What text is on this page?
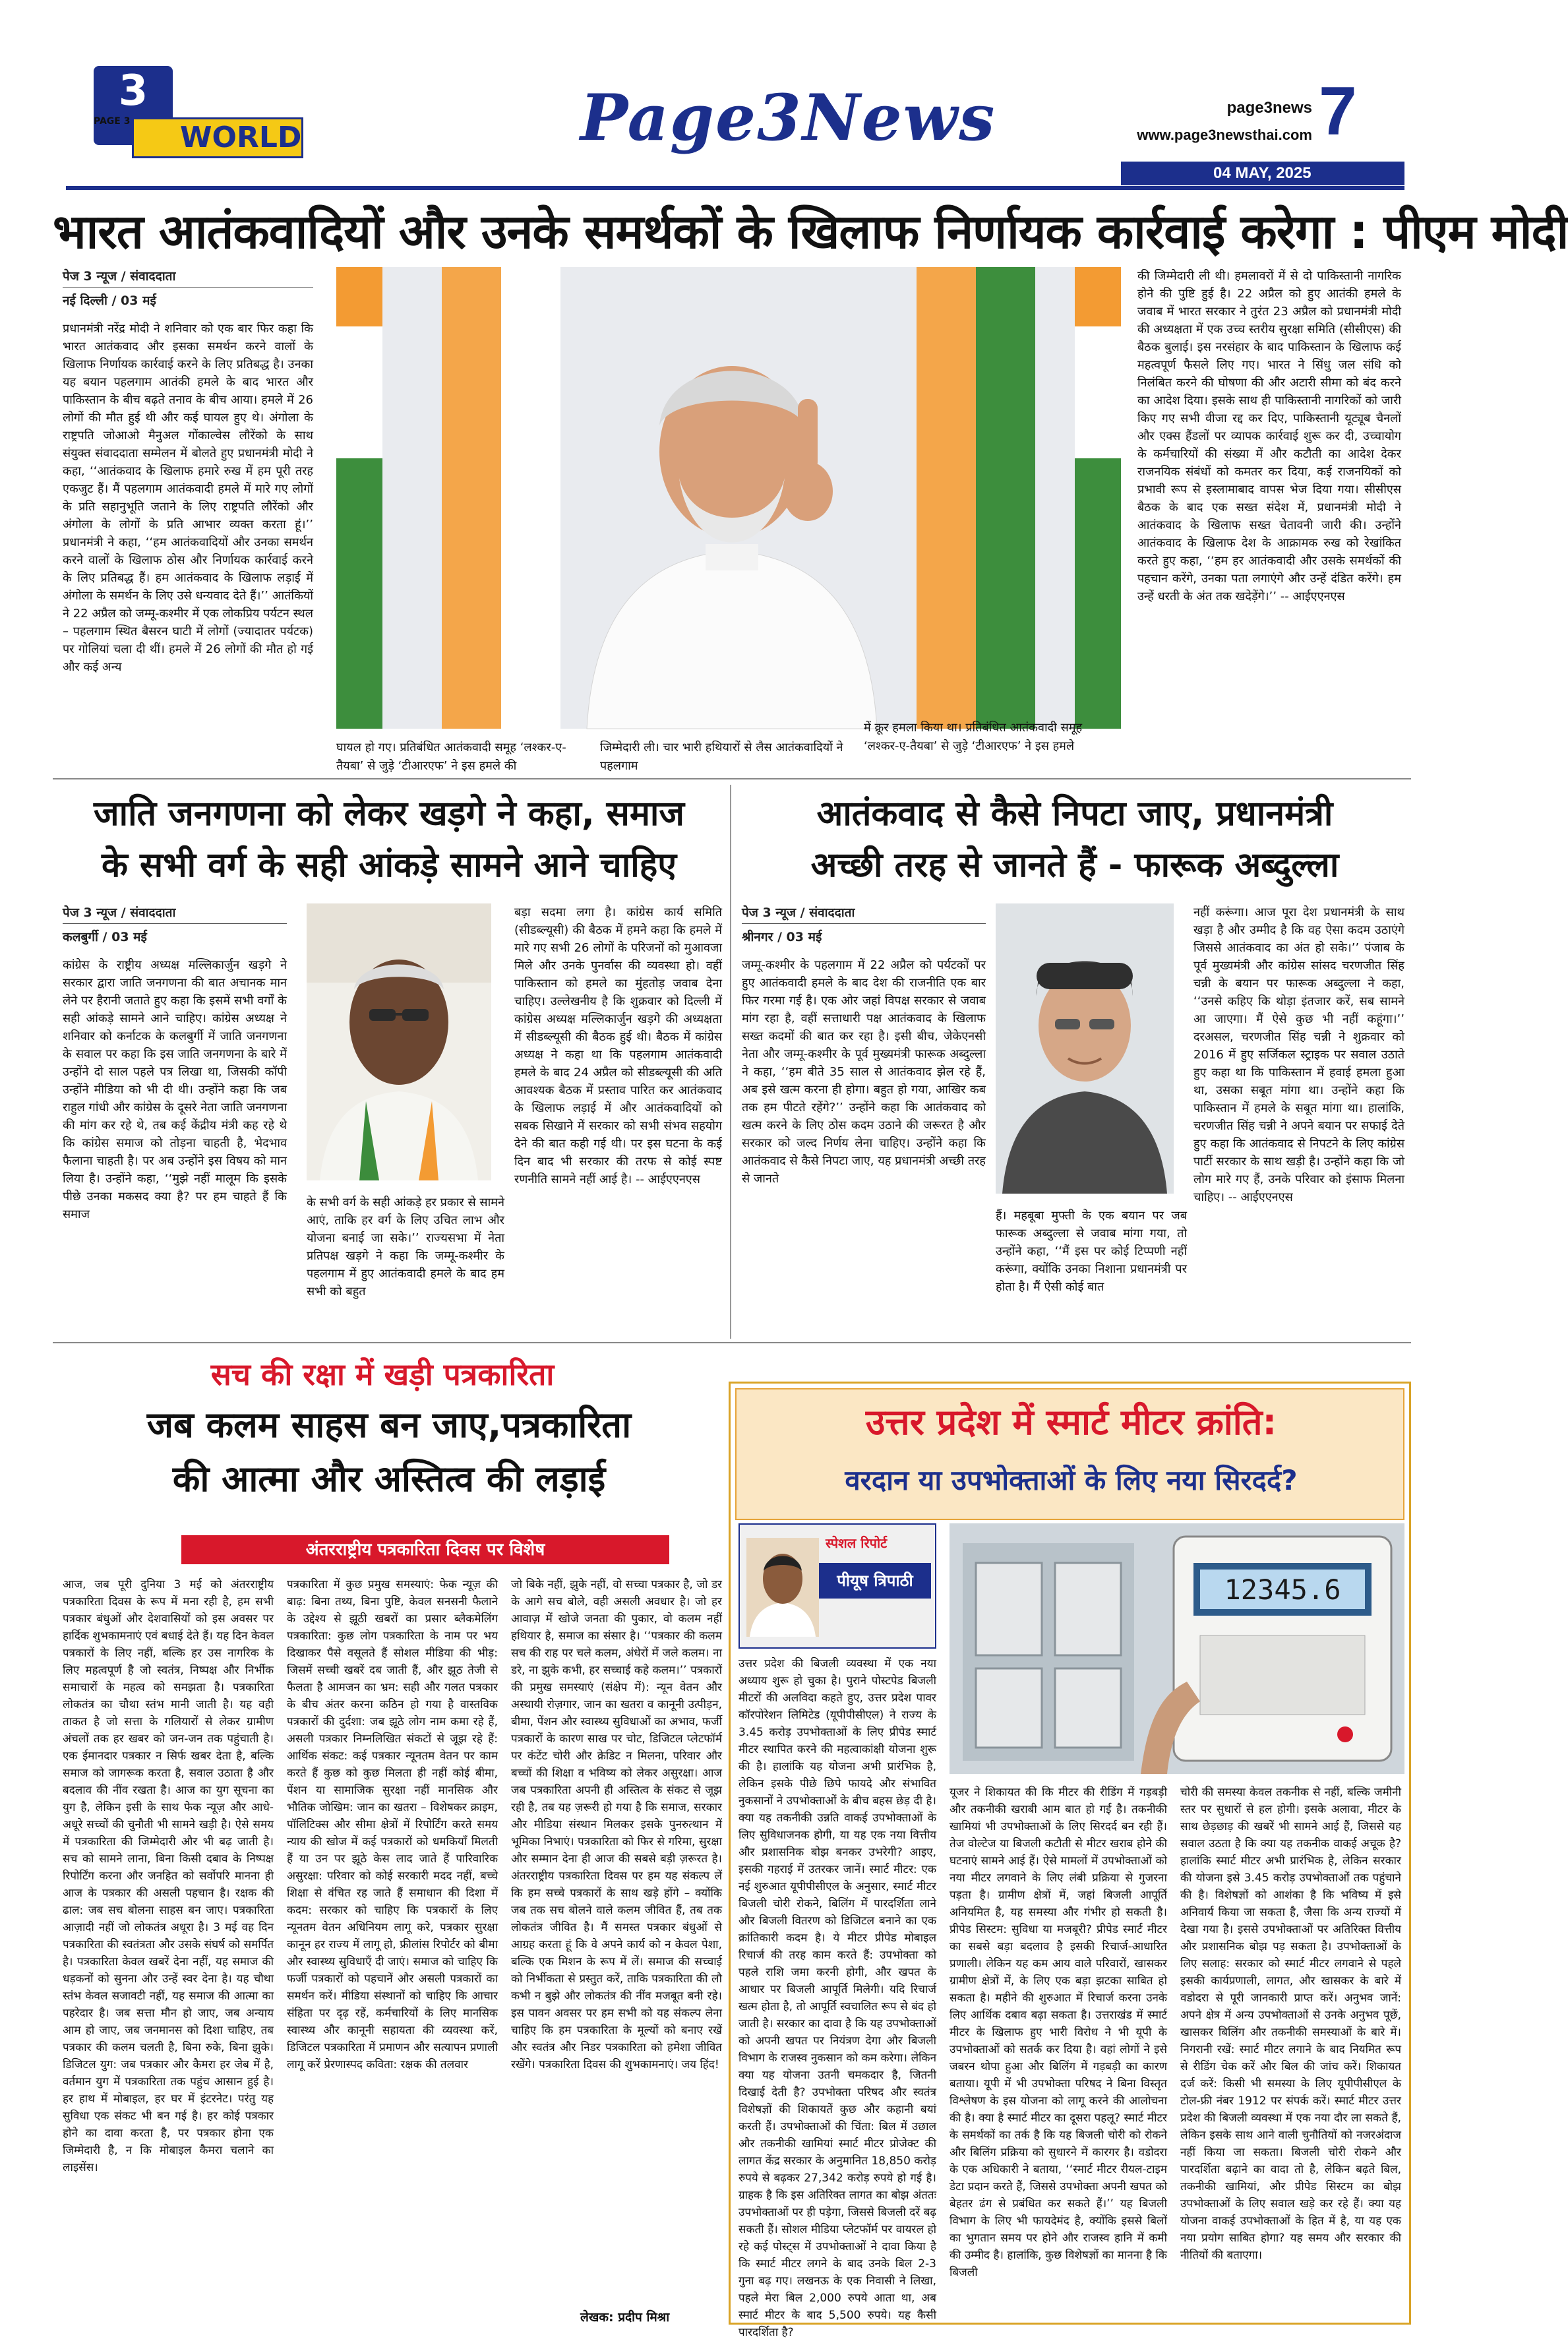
3
PAGE 3	WORLD	Page3News	page3news
www.page3newsthai.com 7
04 MAY, 2025
भारत आतंकवादियों और उनके समर्थकों के खिलाफ निर्णायक कार्रवाई करेगा : पीएम मोदी
पेज 3 न्यूज / संवाददाता
नई दिल्ली / 03 मई
प्रधानमंत्री नरेंद्र मोदी ने शनिवार को एक बार फिर कहा कि भारत आतंकवाद और इसका समर्थन करने वालों के खिलाफ निर्णायक कार्रवाई करने के लिए प्रतिबद्ध है। उनका यह बयान पहलगाम आतंकी हमले के बाद भारत और पाकिस्तान के बीच बढ़ते तनाव के बीच आया। हमले में 26 लोगों की मौत हुई थी और कई घायल हुए थे। अंगोला के राष्ट्रपति जोआओ मैनुअल गोंकाल्वेस लौरेंको के साथ संयुक्त संवाददाता सम्मेलन में बोलते हुए प्रधानमंत्री मोदी ने कहा, ‘‘आतंकवाद के खिलाफ हमारे रुख में हम पूरी तरह एकजुट हैं। मैं पहलगाम आतंकवादी हमले में मारे गए लोगों के प्रति सहानुभूति जताने के लिए राष्ट्रपति लौरेंको और अंगोला के लोगों के प्रति आभार व्यक्त करता हूं।’’ प्रधानमंत्री ने कहा, ‘‘हम आतंकवादियों और उनका समर्थन करने वालों के खिलाफ ठोस और निर्णायक कार्रवाई करने के लिए प्रतिबद्ध हैं। हम आतंकवाद के खिलाफ लड़ाई में अंगोला के समर्थन के लिए उसे धन्यवाद देते हैं।’’ आतंकियों ने 22 अप्रैल को जम्मू-कश्मीर में एक लोकप्रिय पर्यटन स्थल – पहलगाम स्थित बैसरन घाटी में लोगों (ज्यादातर पर्यटक) पर गोलियां चला दी थीं। हमले में 26 लोगों की मौत हो गई और कई अन्य
घायल हो गए। प्रतिबंधित आतंकवादी समूह ‘लश्कर-ए-तैयबा’ से जुड़े ‘टीआरएफ’ ने इस हमले की
जिम्मेदारी ली। चार भारी हथियारों से लैस आतंकवादियों ने पहलगाम
में क्रूर हमला किया था। प्रतिबंधित आतंकवादी समूह ‘लश्कर-ए-तैयबा’ से जुड़े ‘टीआरएफ’ ने इस हमले
की जिम्मेदारी ली थी। हमलावरों में से दो पाकिस्तानी नागरिक होने की पुष्टि हुई है। 22 अप्रैल को हुए आतंकी हमले के जवाब में भारत सरकार ने तुरंत 23 अप्रैल को प्रधानमंत्री मोदी की अध्यक्षता में एक उच्च स्तरीय सुरक्षा समिति (सीसीएस) की बैठक बुलाई। इस नरसंहार के बाद पाकिस्तान के खिलाफ कई महत्वपूर्ण फैसले लिए गए। भारत ने सिंधु जल संधि को निलंबित करने की घोषणा की और अटारी सीमा को बंद करने का आदेश दिया। इसके साथ ही पाकिस्तानी नागरिकों को जारी किए गए सभी वीजा रद्द कर दिए, पाकिस्तानी यूट्यूब चैनलों और एक्स हैंडलों पर व्यापक कार्रवाई शुरू कर दी, उच्चायोग के कर्मचारियों की संख्या में और कटौती का आदेश देकर राजनयिक संबंधों को कमतर कर दिया, कई राजनयिकों को प्रभावी रूप से इस्लामाबाद वापस भेज दिया गया। सीसीएस बैठक के बाद एक सख्त संदेश में, प्रधानमंत्री मोदी ने आतंकवाद के खिलाफ सख्त चेतावनी जारी की। उन्होंने आतंकवाद के खिलाफ देश के आक्रामक रुख को रेखांकित करते हुए कहा, ‘‘हम हर आतंकवादी और उसके समर्थकों की पहचान करेंगे, उनका पता लगाएंगे और उन्हें दंडित करेंगे। हम उन्हें धरती के अंत तक खदेड़ेंगे।’’ -- आईएएनएस
जाति जनगणना को लेकर खड़गे ने कहा, समाज
के सभी वर्ग के सही आंकड़े सामने आने चाहिए
पेज 3 न्यूज / संवाददाता
कलबुर्गी / 03 मई
कांग्रेस के राष्ट्रीय अध्यक्ष मल्लिकार्जुन खड़गे ने सरकार द्वारा जाति जनगणना की बात अचानक मान लेने पर हैरानी जताते हुए कहा कि इसमें सभी वर्गों के सही आंकड़े सामने आने चाहिए। कांग्रेस अध्यक्ष ने शनिवार को कर्नाटक के कलबुर्गी में जाति जनगणना के सवाल पर कहा कि इस जाति जनगणना के बारे में उन्होंने दो साल पहले पत्र लिखा था, जिसकी कॉपी उन्होंने मीडिया को भी दी थी। उन्होंने कहा कि जब राहुल गांधी और कांग्रेस के दूसरे नेता जाति जनगणना की मांग कर रहे थे, तब कई केंद्रीय मंत्री कह रहे थे कि कांग्रेस समाज को तोड़ना चाहती है, भेदभाव फैलाना चाहती है। पर अब उन्होंने इस विषय को मान लिया है। उन्होंने कहा, ‘‘मुझे नहीं मालूम कि इसके पीछे उनका मकसद क्या है? पर हम चाहते हैं कि समाज
के सभी वर्ग के सही आंकड़े हर प्रकार से सामने आएं, ताकि हर वर्ग के लिए उचित लाभ और योजना बनाई जा सके।’’ राज्यसभा में नेता प्रतिपक्ष खड़गे ने कहा कि जम्मू-कश्मीर के पहलगाम में हुए आतंकवादी हमले के बाद हम सभी को बहुत
बड़ा सदमा लगा है। कांग्रेस कार्य समिति (सीडब्ल्यूसी) की बैठक में हमने कहा कि हमले में मारे गए सभी 26 लोगों के परिजनों को मुआवजा मिले और उनके पुनर्वास की व्यवस्था हो। वहीं पाकिस्तान को हमले का मुंहतोड़ जवाब देना चाहिए। उल्लेखनीय है कि शुक्रवार को दिल्ली में कांग्रेस अध्यक्ष मल्लिकार्जुन खड़गे की अध्यक्षता में सीडब्ल्यूसी की बैठक हुई थी। बैठक में कांग्रेस अध्यक्ष ने कहा था कि पहलगाम आतंकवादी हमले के बाद 24 अप्रैल को सीडब्ल्यूसी की अति आवश्यक बैठक में प्रस्ताव पारित कर आतंकवाद के खिलाफ लड़ाई में और आतंकवादियों को सबक सिखाने में सरकार को सभी संभव सहयोग देने की बात कही गई थी। पर इस घटना के कई दिन बाद भी सरकार की तरफ से कोई स्पष्ट रणनीति सामने नहीं आई है। -- आईएएनएस
आतंकवाद से कैसे निपटा जाए, प्रधानमंत्री
अच्छी तरह से जानते हैं - फारूक अब्दुल्ला
पेज 3 न्यूज / संवाददाता
श्रीनगर / 03 मई
जम्मू-कश्मीर के पहलगाम में 22 अप्रैल को पर्यटकों पर हुए आतंकवादी हमले के बाद देश की राजनीति एक बार फिर गरमा गई है। एक ओर जहां विपक्ष सरकार से जवाब मांग रहा है, वहीं सत्ताधारी पक्ष आतंकवाद के खिलाफ सख्त कदमों की बात कर रहा है। इसी बीच, जेकेएनसी नेता और जम्मू-कश्मीर के पूर्व मुख्यमंत्री फारूक अब्दुल्ला ने कहा, ‘‘हम बीते 35 साल से आतंकवाद झेल रहे हैं, अब इसे खत्म करना ही होगा। बहुत हो गया, आखिर कब तक हम पीटते रहेंगे?’’ उन्होंने कहा कि आतंकवाद को खत्म करने के लिए ठोस कदम उठाने की जरूरत है और सरकार को जल्द निर्णय लेना चाहिए। उन्होंने कहा कि आतंकवाद से कैसे निपटा जाए, यह प्रधानमंत्री अच्छी तरह से जानते
हैं। महबूबा मुफ्ती के एक बयान पर जब फारूक अब्दुल्ला से जवाब मांगा गया, तो उन्होंने कहा, ‘‘मैं इस पर कोई टिप्पणी नहीं करूंगा, क्योंकि उनका निशाना प्रधानमंत्री पर होता है। मैं ऐसी कोई बात
नहीं करूंगा। आज पूरा देश प्रधानमंत्री के साथ खड़ा है और उम्मीद है कि वह ऐसा कदम उठाएंगे जिससे आतंकवाद का अंत हो सके।’’ पंजाब के पूर्व मुख्यमंत्री और कांग्रेस सांसद चरणजीत सिंह चन्नी के बयान पर फारूक अब्दुल्ला ने कहा, ‘‘उनसे कहिए कि थोड़ा इंतजार करें, सब सामने आ जाएगा। मैं ऐसे कुछ भी नहीं कहूंगा।’’ दरअसल, चरणजीत सिंह चन्नी ने शुक्रवार को 2016 में हुए सर्जिकल स्ट्राइक पर सवाल उठाते हुए कहा था कि पाकिस्तान में हवाई हमला हुआ था, उसका सबूत मांगा था। उन्होंने कहा कि पाकिस्तान में हमले के सबूत मांगा था। हालांकि, चरणजीत सिंह चन्नी ने अपने बयान पर सफाई देते हुए कहा कि आतंकवाद से निपटने के लिए कांग्रेस पार्टी सरकार के साथ खड़ी है। उन्होंने कहा कि जो लोग मारे गए हैं, उनके परिवार को इंसाफ मिलना चाहिए। -- आईएएनएस
सच की रक्षा में खड़ी पत्रकारिता
जब कलम साहस बन जाए,पत्रकारिता
की आत्मा और अस्तित्व की लड़ाई
अंतरराष्ट्रीय पत्रकारिता दिवस पर विशेष
आज, जब पूरी दुनिया 3 मई को अंतरराष्ट्रीय पत्रकारिता दिवस के रूप में मना रही है, हम सभी पत्रकार बंधुओं और देशवासियों को इस अवसर पर हार्दिक शुभकामनाएं एवं बधाई देते हैं। यह दिन केवल पत्रकारों के लिए नहीं, बल्कि हर उस नागरिक के लिए महत्वपूर्ण है जो स्वतंत्र, निष्पक्ष और निर्भीक समाचारों के महत्व को समझता है। पत्रकारिता लोकतंत्र का चौथा स्तंभ मानी जाती है। यह वही ताकत है जो सत्ता के गलियारों से लेकर ग्रामीण अंचलों तक हर खबर को जन-जन तक पहुंचाती है। एक ईमानदार पत्रकार न सिर्फ खबर देता है, बल्कि समाज को जागरूक करता है, सवाल उठाता है और बदलाव की नींव रखता है। आज का युग सूचना का युग है, लेकिन इसी के साथ फेक न्यूज़ और आधे-अधूरे सच्चों की चुनौती भी सामने खड़ी है। ऐसे समय में पत्रकारिता की जिम्मेदारी और भी बढ़ जाती है। सच को सामने लाना, बिना किसी दबाव के निष्पक्ष रिपोर्टिंग करना और जनहित को सर्वोपरि मानना ही आज के पत्रकार की असली पहचान है। रक्षक की ढाल: जब सच बोलना साहस बन जाए। पत्रकारिता आज़ादी नहीं जो लोकतंत्र अधूरा है। 3 मई वह दिन पत्रकारिता की स्वतंत्रता और उसके संघर्ष को समर्पित है। पत्रकारिता केवल खबरें देना नहीं, यह समाज की धड़कनों को सुनना और उन्हें स्वर देना है। यह चौथा स्तंभ केवल सजावटी नहीं, यह समाज की आत्मा का पहरेदार है। जब सत्ता मौन हो जाए, जब अन्याय आम हो जाए, जब जनमानस को दिशा चाहिए, तब पत्रकार की कलम चलती है, बिना रुके, बिना झुके। डिजिटल युग: जब पत्रकार और कैमरा हर जेब में है, वर्तमान युग में पत्रकारिता तक पहुंच आसान हुई है। हर हाथ में मोबाइल, हर घर में इंटरनेट। परंतु यह सुविधा एक संकट भी बन गई है। हर कोई पत्रकार होने का दावा करता है, पर पत्रकार होना एक जिम्मेदारी है, न कि मोबाइल कैमरा चलाने का लाइसेंस।
पत्रकारिता में कुछ प्रमुख समस्याएं: फेक न्यूज़ की बाढ़: बिना तथ्य, बिना पुष्टि, केवल सनसनी फैलाने के उद्देश्य से झूठी खबरों का प्रसार ब्लैकमेलिंग पत्रकारिता: कुछ लोग पत्रकारिता के नाम पर भय दिखाकर पैसे वसूलते हैं सोशल मीडिया की भीड़: जिसमें सच्ची खबरें दब जाती हैं, और झूठ तेजी से फैलता है आमजन का भ्रम: सही और गलत पत्रकार के बीच अंतर करना कठिन हो गया है वास्तविक पत्रकारों की दुर्दशा: जब झूठे लोग नाम कमा रहे हैं, असली पत्रकार निम्नलिखित संकटों से जूझ रहे हैं: आर्थिक संकट: कई पत्रकार न्यूनतम वेतन पर काम करते हैं कुछ को कुछ मिलता ही नहीं कोई बीमा, पेंशन या सामाजिक सुरक्षा नहीं मानसिक और भौतिक जोखिम: जान का खतरा – विशेषकर क्राइम, पॉलिटिक्स और सीमा क्षेत्रों में रिपोर्टिंग करते समय न्याय की खोज में कई पत्रकारों को धमकियाँ मिलती हैं या उन पर झूठे केस लाद जाते हैं पारिवारिक असुरक्षा: परिवार को कोई सरकारी मदद नहीं, बच्चे शिक्षा से वंचित रह जाते हैं समाधान की दिशा में कदम: सरकार को चाहिए कि पत्रकारों के लिए न्यूनतम वेतन अधिनियम लागू करे, पत्रकार सुरक्षा कानून हर राज्य में लागू हो, फ्रीलांस रिपोर्टर को बीमा और स्वास्थ्य सुविधाएँ दी जाएं। समाज को चाहिए कि फर्जी पत्रकारों को पहचानें और असली पत्रकारों का समर्थन करें। मीडिया संस्थानों को चाहिए कि आचार संहिता पर दृढ़ रहें, कर्मचारियों के लिए मानसिक स्वास्थ्य और कानूनी सहायता की व्यवस्था करें, डिजिटल पत्रकारिता में प्रमाणन और सत्यापन प्रणाली लागू करें प्रेरणास्पद कविता: रक्षक की तलवार
जो बिके नहीं, झुके नहीं, वो सच्चा पत्रकार है, जो डर के आगे सच बोले, वही असली अवधार है। जो हर आवाज़ में खोजे जनता की पुकार, वो कलम नहीं हथियार है, समाज का संसार है। ‘‘पत्रकार की कलम सच की राह पर चले कलम, अंधेरों में जले कलम। ना डरे, ना झुके कभी, हर सच्चाई कहे कलम।’’ पत्रकारों की प्रमुख समस्याएं (संक्षेप में): न्यून वेतन और अस्थायी रोज़गार, जान का खतरा व कानूनी उत्पीड़न, बीमा, पेंशन और स्वास्थ्य सुविधाओं का अभाव, फर्जी पत्रकारों के कारण साख पर चोट, डिजिटल प्लेटफॉर्म पर कंटेंट चोरी और क्रेडिट न मिलना, परिवार और बच्चों की शिक्षा व भविष्य को लेकर असुरक्षा। आज जब पत्रकारिता अपनी ही अस्तित्व के संकट से जूझ रही है, तब यह ज़रूरी हो गया है कि समाज, सरकार और मीडिया संस्थान मिलकर इसके पुनरुत्थान में भूमिका निभाएं। पत्रकारिता को फिर से गरिमा, सुरक्षा और सम्मान देना ही आज की सबसे बड़ी ज़रूरत है। अंतरराष्ट्रीय पत्रकारिता दिवस पर हम यह संकल्प लें कि हम सच्चे पत्रकारों के साथ खड़े होंगे – क्योंकि जब तक सच बोलने वाले कलम जीवित हैं, तब तक लोकतंत्र जीवित है। मैं समस्त पत्रकार बंधुओं से आग्रह करता हूं कि वे अपने कार्य को न केवल पेशा, बल्कि एक मिशन के रूप में लें। समाज की सच्चाई को निर्भीकता से प्रस्तुत करें, ताकि पत्रकारिता की लौ कभी न बुझे और लोकतंत्र की नींव मजबूत बनी रहे। इस पावन अवसर पर हम सभी को यह संकल्प लेना चाहिए कि हम पत्रकारिता के मूल्यों को बनाए रखें और स्वतंत्र और निडर पत्रकारिता को हमेशा जीवित रखेंगे। पत्रकारिता दिवस की शुभकामनाएं। जय हिंद!
लेखक: प्रदीप मिश्रा
उत्तर प्रदेश में स्मार्ट मीटर क्रांति:
वरदान या उपभोक्ताओं के लिए नया सिरदर्द?
स्पेशल रिपोर्ट
पीयूष त्रिपाठी	12345.6
उत्तर प्रदेश की बिजली व्यवस्था में एक नया अध्याय शुरू हो चुका है। पुराने पोस्टपेड बिजली मीटरों की अलविदा कहते हुए, उत्तर प्रदेश पावर कॉरपोरेशन लिमिटेड (यूपीपीसीएल) ने राज्य के 3.45 करोड़ उपभोक्ताओं के लिए प्रीपेड स्मार्ट मीटर स्थापित करने की महत्वाकांक्षी योजना शुरू की है। हालांकि यह योजना अभी प्रारंभिक है, लेकिन इसके पीछे छिपे फायदे और संभावित नुकसानों ने उपभोक्ताओं के बीच बहस छेड़ दी है। क्या यह तकनीकी उन्नति वाकई उपभोक्ताओं के लिए सुविधाजनक होगी, या यह एक नया वित्तीय और प्रशासनिक बोझ बनकर उभरेगी? आइए, इसकी गहराई में उतरकर जानें। स्मार्ट मीटर: एक नई शुरुआत यूपीपीसीएल के अनुसार, स्मार्ट मीटर बिजली चोरी रोकने, बिलिंग में पारदर्शिता लाने और बिजली वितरण को डिजिटल बनाने का एक क्रांतिकारी कदम है। ये मीटर प्रीपेड मोबाइल रिचार्ज की तरह काम करते हैं: उपभोक्ता को पहले राशि जमा करनी होगी, और खपत के आधार पर बिजली आपूर्ति मिलेगी। यदि रिचार्ज खत्म होता है, तो आपूर्ति स्वचालित रूप से बंद हो जाती है। सरकार का दावा है कि यह उपभोक्ताओं को अपनी खपत पर नियंत्रण देगा और बिजली विभाग के राजस्व नुकसान को कम करेगा। लेकिन क्या यह योजना उतनी चमकदार है, जितनी दिखाई देती है? उपभोक्ता परिषद और स्वतंत्र विशेषज्ञों की शिकायतें कुछ और कहानी बयां करती हैं। उपभोक्ताओं की चिंता: बिल में उछाल और तकनीकी खामियां स्मार्ट मीटर प्रोजेक्ट की लागत केंद्र सरकार के अनुमानित 18,850 करोड़ रुपये से बढ़कर 27,342 करोड़ रुपये हो गई है। ग्राहक है कि इस अतिरिक्त लागत का बोझ अंततः उपभोक्ताओं पर ही पड़ेगा, जिससे बिजली दरें बढ़ सकती हैं। सोशल मीडिया प्लेटफॉर्म पर वायरल हो रहे कई पोस्ट्स में उपभोक्ताओं ने दावा किया है कि स्मार्ट मीटर लगने के बाद उनके बिल 2-3 गुना बढ़ गए। लखनऊ के एक निवासी ने लिखा, पहले मेरा बिल 2,000 रुपये आता था, अब स्मार्ट मीटर के बाद 5,500 रुपये। यह कैसी पारदर्शिता है?
यूजर ने शिकायत की कि मीटर की रीडिंग में गड़बड़ी और तकनीकी खराबी आम बात हो गई है। तकनीकी खामियां भी उपभोक्ताओं के लिए सिरदर्द बन रही हैं। तेज वोल्टेज या बिजली कटौती से मीटर खराब होने की घटनाएं सामने आई हैं। ऐसे मामलों में उपभोक्ताओं को नया मीटर लगवाने के लिए लंबी प्रक्रिया से गुजरना पड़ता है। ग्रामीण क्षेत्रों में, जहां बिजली आपूर्ति अनियमित है, यह समस्या और गंभीर हो सकती है। प्रीपेड सिस्टम: सुविधा या मजबूरी? प्रीपेड स्मार्ट मीटर का सबसे बड़ा बदलाव है इसकी रिचार्ज-आधारित प्रणाली। लेकिन यह कम आय वाले परिवारों, खासकर ग्रामीण क्षेत्रों में, के लिए एक बड़ा झटका साबित हो सकता है। महीने की शुरुआत में रिचार्ज करना उनके लिए आर्थिक दबाव बढ़ा सकता है। उत्तराखंड में स्मार्ट मीटर के खिलाफ हुए भारी विरोध ने भी यूपी के उपभोक्ताओं को सतर्क कर दिया है। वहां लोगों ने इसे जबरन थोपा हुआ और बिलिंग में गड़बड़ी का कारण बताया। यूपी में भी उपभोक्ता परिषद ने बिना विस्तृत विश्लेषण के इस योजना को लागू करने की आलोचना की है। क्या है स्मार्ट मीटर का दूसरा पहलू? स्मार्ट मीटर के समर्थकों का तर्क है कि यह बिजली चोरी को रोकने और बिलिंग प्रक्रिया को सुधारने में कारगर है। वडोदरा के एक अधिकारी ने बताया, ‘‘स्मार्ट मीटर रीयल-टाइम डेटा प्रदान करते हैं, जिससे उपभोक्ता अपनी खपत को बेहतर ढंग से प्रबंधित कर सकते हैं।’’ यह बिजली विभाग के लिए भी फायदेमंद है, क्योंकि इससे बिलों का भुगतान समय पर होने और राजस्व हानि में कमी की उम्मीद है। हालांकि, कुछ विशेषज्ञों का मानना है कि बिजली
चोरी की समस्या केवल तकनीक से नहीं, बल्कि जमीनी स्तर पर सुधारों से हल होगी। इसके अलावा, मीटर के साथ छेड़छाड़ की खबरें भी सामने आई हैं, जिससे यह सवाल उठता है कि क्या यह तकनीक वाकई अचूक है? हालांकि स्मार्ट मीटर अभी प्रारंभिक है, लेकिन सरकार की योजना इसे 3.45 करोड़ उपभोक्ताओं तक पहुंचाने की है। विशेषज्ञों को आशंका है कि भविष्य में इसे अनिवार्य किया जा सकता है, जैसा कि अन्य राज्यों में देखा गया है। इससे उपभोक्ताओं पर अतिरिक्त वित्तीय और प्रशासनिक बोझ पड़ सकता है। उपभोक्ताओं के लिए सलाह: सरकार को स्मार्ट मीटर लगवाने से पहले इसकी कार्यप्रणाली, लागत, और खासकर के बारे में वडोदरा से पूरी जानकारी प्राप्त करें। अनुभव जानें: अपने क्षेत्र में अन्य उपभोक्ताओं से उनके अनुभव पूछें, खासकर बिलिंग और तकनीकी समस्याओं के बारे में। निगरानी रखें: स्मार्ट मीटर लगाने के बाद नियमित रूप से रीडिंग चेक करें और बिल की जांच करें। शिकायत दर्ज करें: किसी भी समस्या के लिए यूपीपीसीएल के टोल-फ्री नंबर 1912 पर संपर्क करें। स्मार्ट मीटर उत्तर प्रदेश की बिजली व्यवस्था में एक नया दौर ला सकते हैं, लेकिन इसके साथ आने वाली चुनौतियों को नजरअंदाज नहीं किया जा सकता। बिजली चोरी रोकने और पारदर्शिता बढ़ाने का वादा तो है, लेकिन बढ़ते बिल, तकनीकी खामियां, और प्रीपेड सिस्टम का बोझ उपभोक्ताओं के लिए सवाल खड़े कर रहे हैं। क्या यह योजना वाकई उपभोक्ताओं के हित में है, या यह एक नया प्रयोग साबित होगा? यह समय और सरकार की नीतियों की बताएगा।
